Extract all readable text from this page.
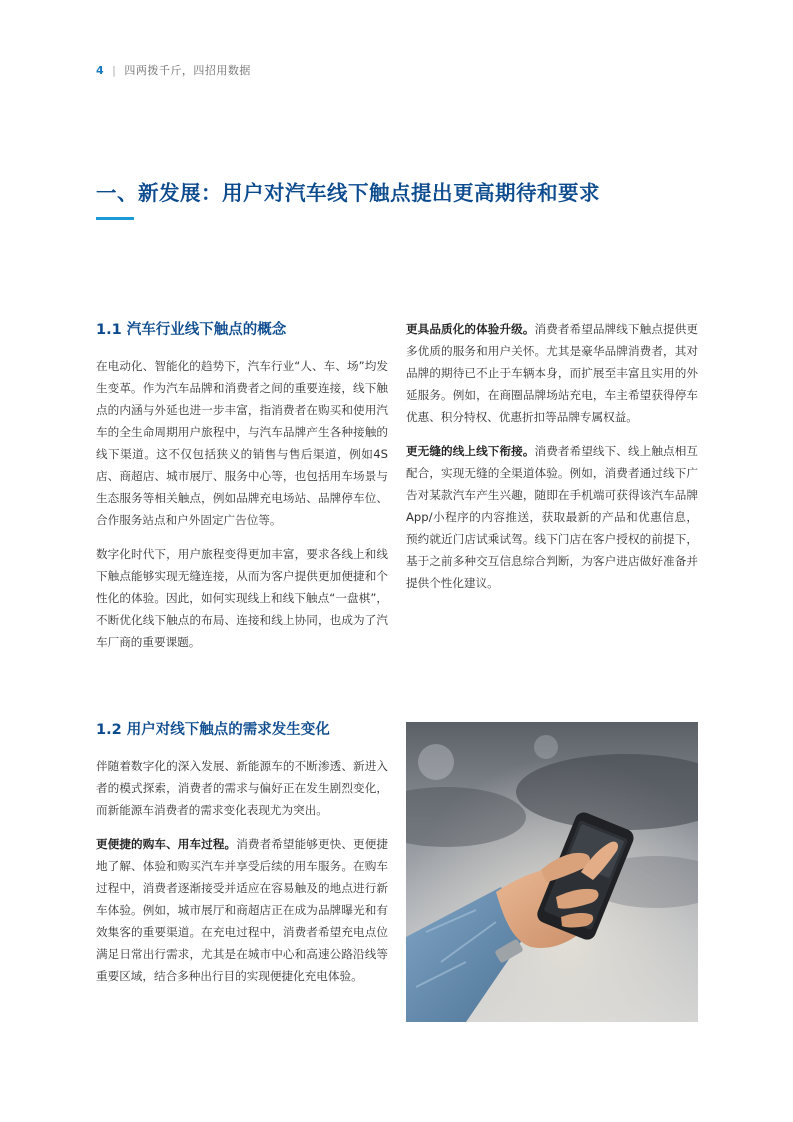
4 | 四两拨千斤，四招用数据
一、新发展：用户对汽车线下触点提出更高期待和要求
1.1 汽车行业线下触点的概念

在电动化、智能化的趋势下，汽车行业“人、车、场”均发生变革。作为汽车品牌和消费者之间的重要连接，线下触点的内涵与外延也进一步丰富，指消费者在购买和使用汽车的全生命周期用户旅程中，与汽车品牌产生各种接触的线下渠道。这不仅包括狭义的销售与售后渠道，例如4S店、商超店、城市展厅、服务中心等，也包括用车场景与生态服务等相关触点，例如品牌充电场站、品牌停车位、合作服务站点和户外固定广告位等。

数字化时代下，用户旅程变得更加丰富，要求各线上和线下触点能够实现无缝连接，从而为客户提供更加便捷和个性化的体验。因此，如何实现线上和线下触点“一盘棋”，不断优化线下触点的布局、连接和线上协同，也成为了汽车厂商的重要课题。

更具品质化的体验升级。消费者希望品牌线下触点提供更多优质的服务和用户关怀。尤其是豪华品牌消费者，其对品牌的期待已不止于车辆本身，而扩展至丰富且实用的外延服务。例如，在商圈品牌场站充电，车主希望获得停车优惠、积分特权、优惠折扣等品牌专属权益。

更无缝的线上线下衔接。消费者希望线下、线上触点相互配合，实现无缝的全渠道体验。例如，消费者通过线下广告对某款汽车产生兴趣，随即在手机端可获得该汽车品牌App/小程序的内容推送，获取最新的产品和优惠信息，预约就近门店试乘试驾。线下门店在客户授权的前提下，基于之前多种交互信息综合判断，为客户进店做好准备并提供个性化建议。

1.2 用户对线下触点的需求发生变化

伴随着数字化的深入发展、新能源车的不断渗透、新进入者的模式探索，消费者的需求与偏好正在发生剧烈变化，而新能源车消费者的需求变化表现尤为突出。

更便捷的购车、用车过程。消费者希望能够更快、更便捷地了解、体验和购买汽车并享受后续的用车服务。在购车过程中，消费者逐渐接受并适应在容易触及的地点进行新车体验。例如，城市展厅和商超店正在成为品牌曝光和有效集客的重要渠道。在充电过程中，消费者希望充电点位满足日常出行需求，尤其是在城市中心和高速公路沿线等重要区域，结合多种出行目的实现便捷化充电体验。
